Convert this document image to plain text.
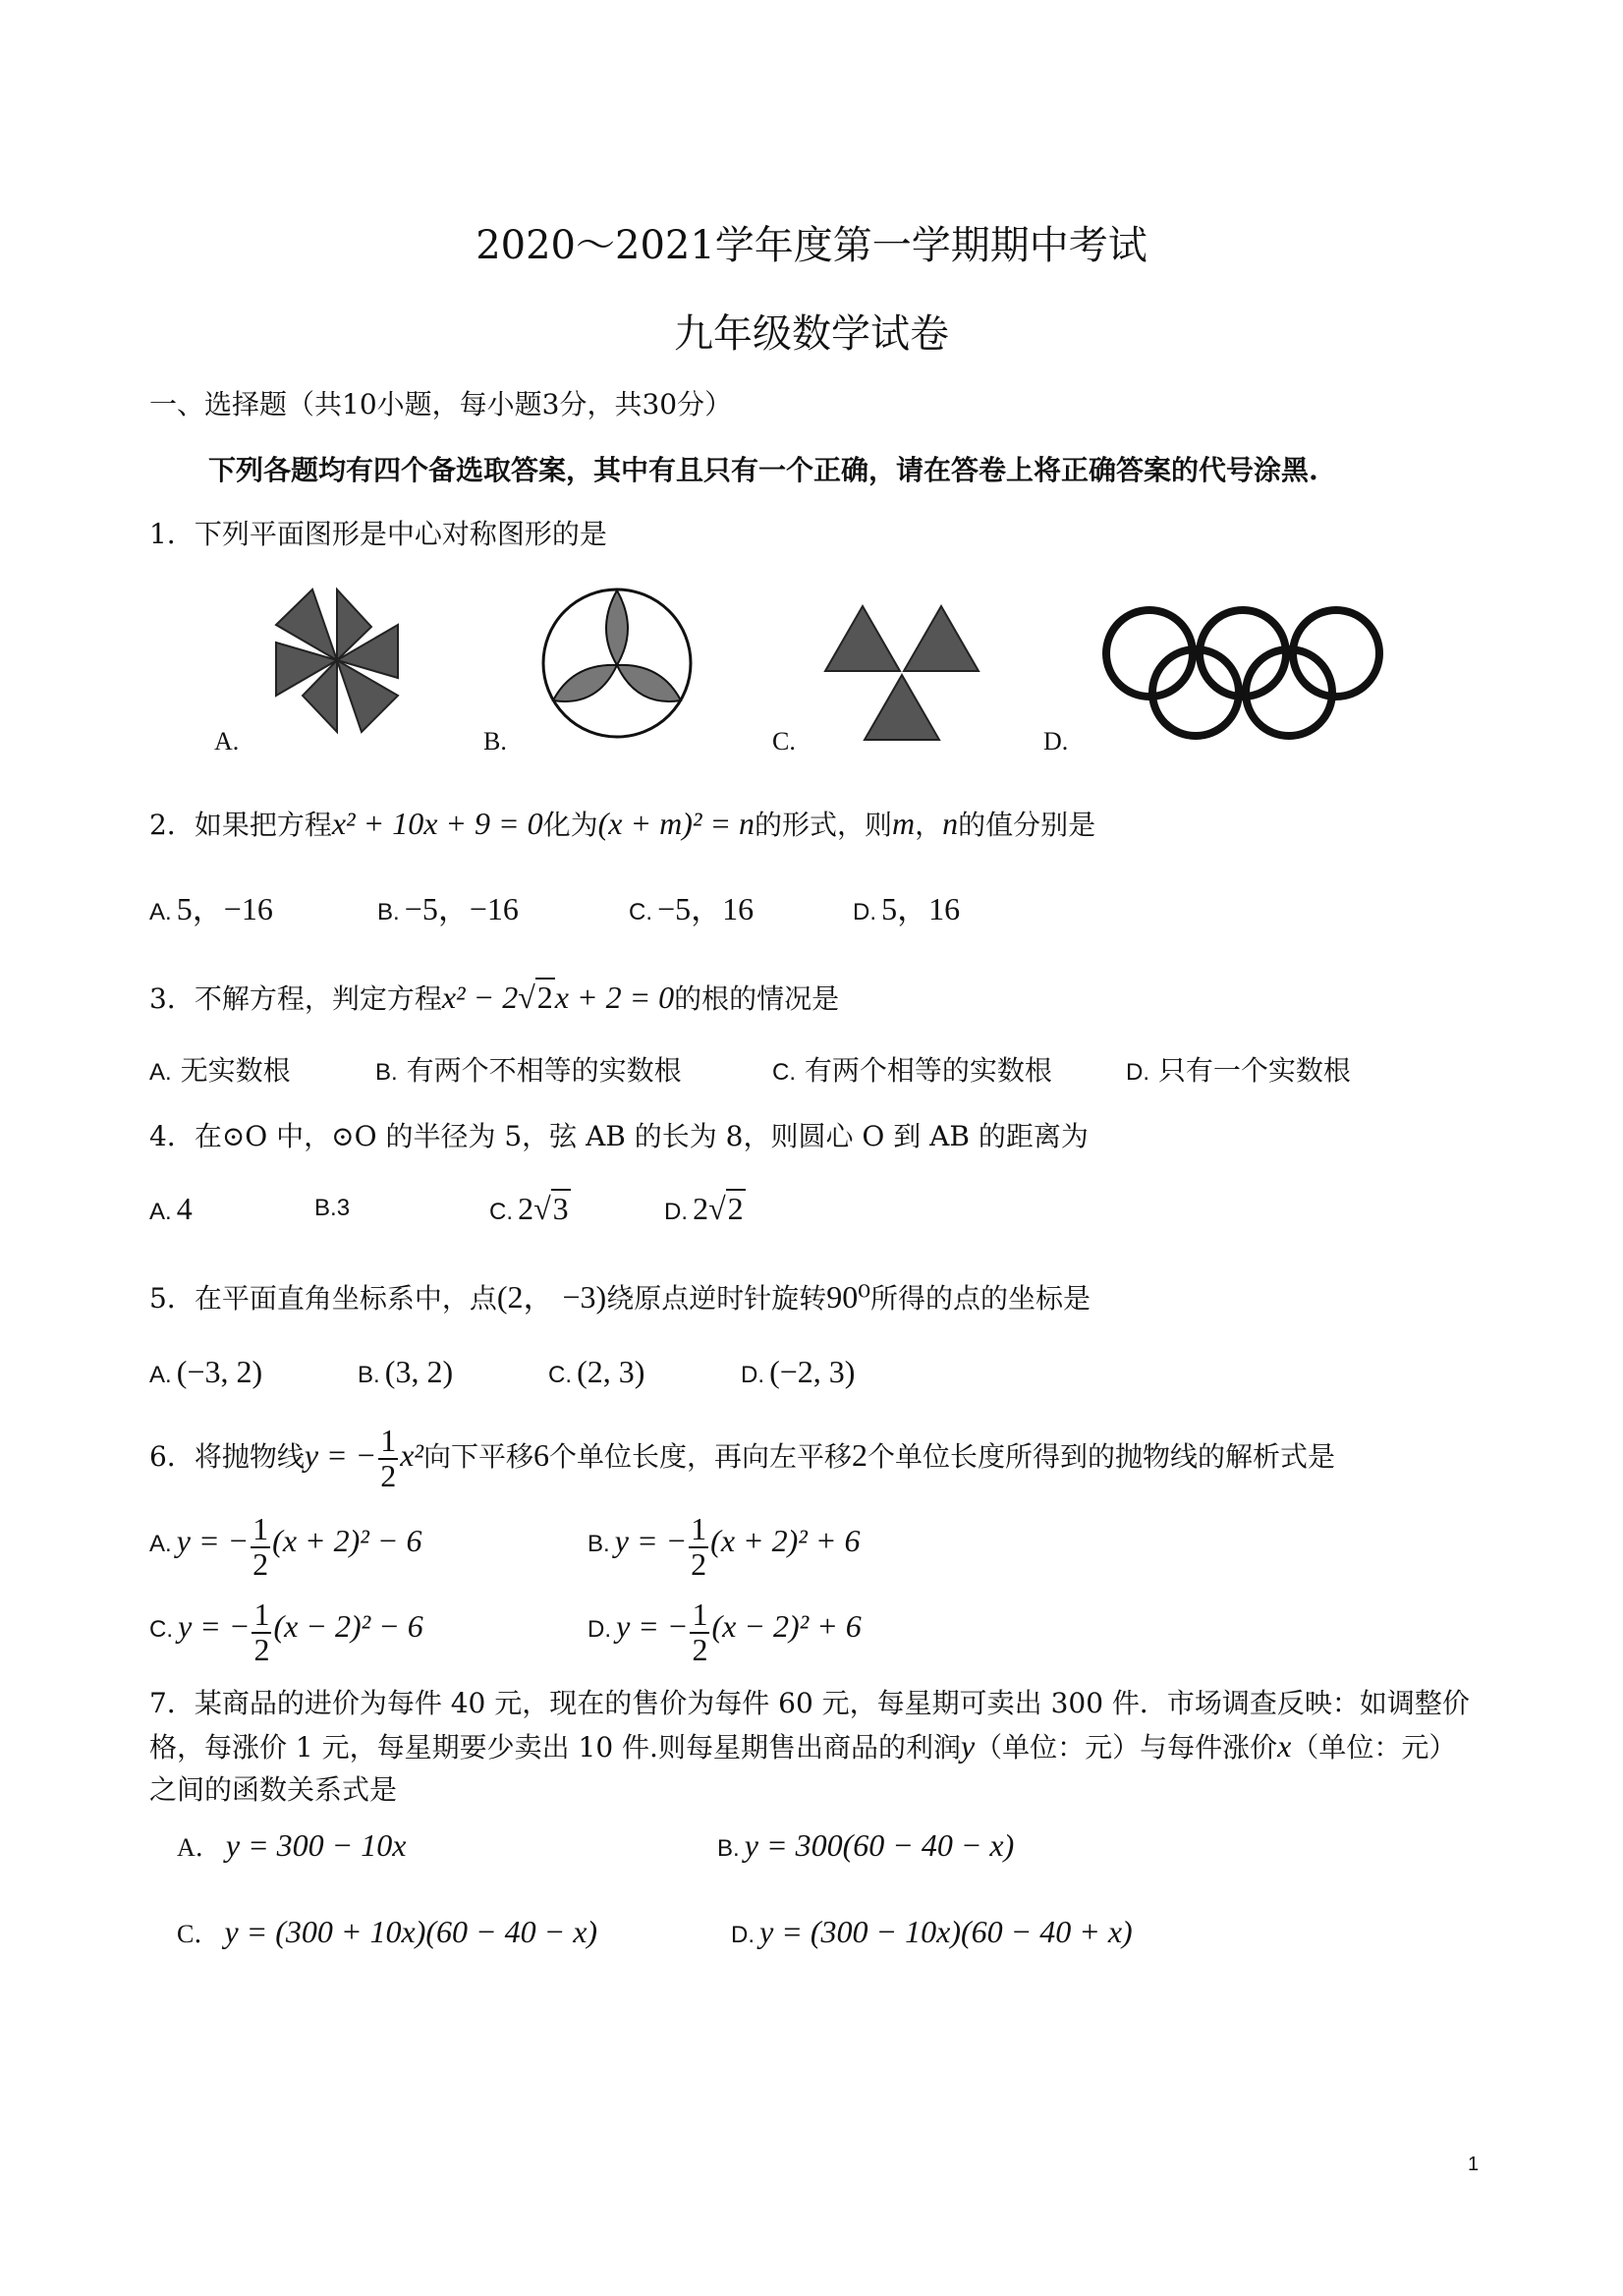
2020～2021学年度第一学期期中考试
九年级数学试卷
一、选择题（共10小题，每小题3分，共30分）
下列各题均有四个备选取答案，其中有且只有一个正确，请在答卷上将正确答案的代号涂黑.
1．下列平面图形是中心对称图形的是
A.	B.	C.	D.
2．如果把方程x² + 10x + 9 = 0化为(x + m)² = n的形式，则m，n的值分别是
A. 5，−16	B. −5，−16	C. −5，16	D. 5，16
3．不解方程，判定方程x² − 2√2x + 2 = 0的根的情况是
A. 无实数根	B. 有两个不相等的实数根	C. 有两个相等的实数根	D. 只有一个实数根
4．在⊙O 中，⊙O 的半径为 5，弦 AB 的长为 8，则圆心 O 到 AB 的距离为
A. 4	B.3	C. 2√3	D. 2√2
5．在平面直角坐标系中，点(2， −3)绕原点逆时针旋转90⁰所得的点的坐标是
A. (−3, 2)	B. (3, 2)	C. (2, 3)	D. (−2, 3)
6．将抛物线y = − $\frac{1}{2} x^2$向下平移6个单位长度，再向左平移2个单位长度所得到的抛物线的解析式是
A. y = − $\frac{1}{2} (x + 2)^2 - 6$	B. y = − $\frac{1}{2} (x + 2)^2 + 6$
C. y = − $\frac{1}{2} (x - 2)^2 - 6$	D. y = − $\frac{1}{2} (x - 2)^2 + 6$
7．某商品的进价为每件 40 元，现在的售价为每件 60 元，每星期可卖出 300 件．市场调查反映：如调整价
格，每涨价 1 元，每星期要少卖出 10 件.则每星期售出商品的利润y（单位：元）与每件涨价x（单位：元）
之间的函数关系式是
A． y = 300 − 10x	B. y = 300(60 − 40 − x)
C． y = (300 + 10x)(60 − 40 − x)	D. y = (300 − 10x)(60 − 40 + x)
1
